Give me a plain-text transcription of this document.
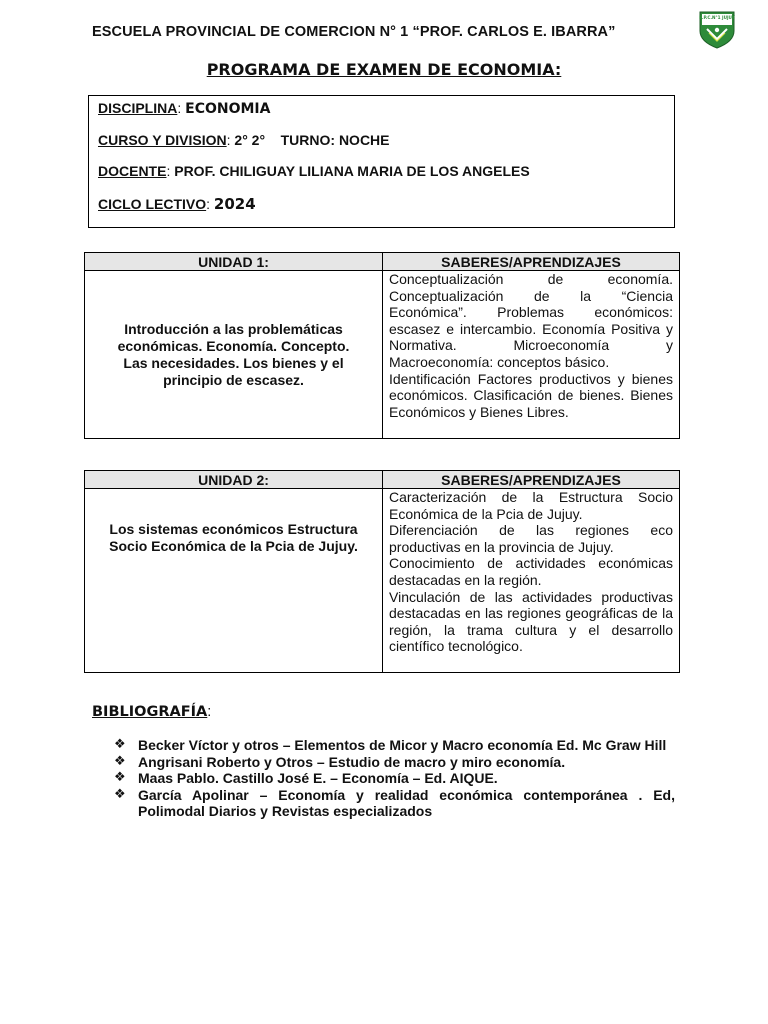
ESCUELA PROVINCIAL DE COMERCION N° 1 “PROF. CARLOS E. IBARRA”
E.P.C.N°1 JUJUY
PROGRAMA DE EXAMEN DE ECONOMIA:
DISCIPLINA: ECONOMIA
CURSO Y DIVISION: 2° 2°    TURNO: NOCHE
DOCENTE: PROF. CHILIGUAY LILIANA MARIA DE LOS ANGELES
CICLO LECTIVO: 2024
UNIDAD 1:	SABERES/APRENDIZAJES
Introducción a las problemáticas económicas. Economía. Concepto. Las necesidades. Los bienes y el principio de escasez.	Conceptualización de economía. Conceptualización de la “Ciencia Económica”. Problemas económicos: escasez e intercambio. Economía Positiva y Normativa. Microeconomía y Macroeconomía: conceptos básico.
Identificación Factores productivos y bienes económicos. Clasificación de bienes. Bienes Económicos y Bienes Libres.
UNIDAD 2:	SABERES/APRENDIZAJES
Los sistemas económicos Estructura Socio Económica de la Pcia de Jujuy.	Caracterización de la Estructura Socio Económica de la Pcia de Jujuy.
Diferenciación de las regiones eco productivas en la provincia de Jujuy.
Conocimiento de actividades económicas destacadas en la región.
Vinculación de las actividades productivas destacadas en las regiones geográficas de la región, la trama cultura y el desarrollo científico tecnológico.
BIBLIOGRAFÍA:
❖ Becker Víctor y otros – Elementos de Micor y Macro economía Ed. Mc Graw Hill
❖ Angrisani Roberto y Otros – Estudio de macro y miro economía.
❖ Maas Pablo. Castillo José E. – Economía – Ed. AIQUE.
❖ García Apolinar – Economía y realidad económica contemporánea . Ed, Polimodal Diarios y Revistas especializados
